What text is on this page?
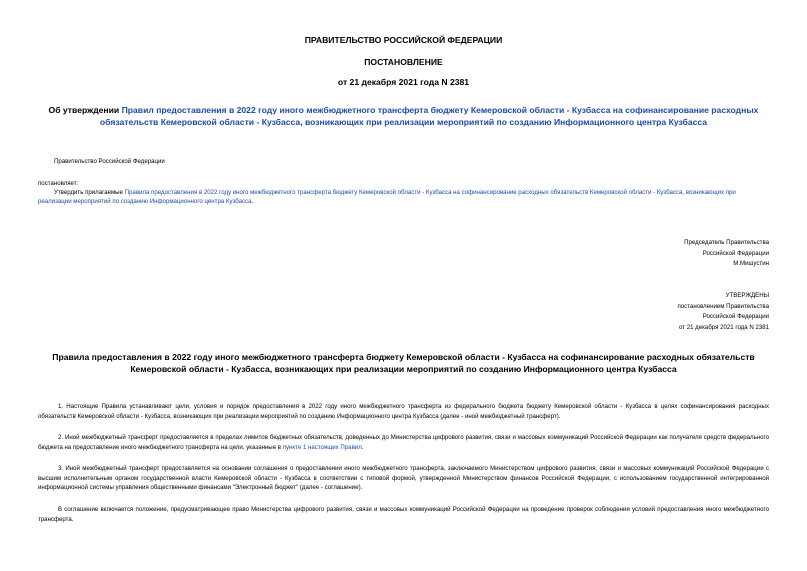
ПРАВИТЕЛЬСТВО РОССИЙСКОЙ ФЕДЕРАЦИИ
ПОСТАНОВЛЕНИЕ
от 21 декабря 2021 года N 2381
Об утверждении Правил предоставления в 2022 году иного межбюджетного трансферта бюджету Кемеровской области - Кузбасса на софинансирование расходных обязательств Кемеровской области - Кузбасса, возникающих при реализации мероприятий по созданию Информационного центра Кузбасса
Правительство Российской Федерации
постановляет:
Утвердить прилагаемые Правила предоставления в 2022 году иного межбюджетного трансферта бюджету Кемеровской области - Кузбасса на софинансирование расходных обязательств Кемеровской области - Кузбасса, возникающих при реализации мероприятий по созданию Информационного центра Кузбасса.
Председатель Правительства
Российской Федерации
М.Мишустин
УТВЕРЖДЕНЫ
постановлением Правительства
Российской Федерации
от 21 декабря 2021 года N 2381
Правила предоставления в 2022 году иного межбюджетного трансферта бюджету Кемеровской области - Кузбасса на софинансирование расходных обязательств Кемеровской области - Кузбасса, возникающих при реализации мероприятий по созданию Информационного центра Кузбасса
1. Настоящие Правила устанавливают цели, условия и порядок предоставления в 2022 году иного межбюджетного трансферта из федерального бюджета бюджету Кемеровской области - Кузбасса в целях софинансирования расходных обязательств Кемеровской области - Кузбасса, возникающих при реализации мероприятий по созданию Информационного центра Кузбасса (далее - иной межбюджетный трансферт).
2. Иной межбюджетный трансферт предоставляется в пределах лимитов бюджетных обязательств, доведенных до Министерства цифрового развития, связи и массовых коммуникаций Российской Федерации как получателя средств федерального бюджета на предоставление иного межбюджетного трансферта на цели, указанные в пункте 1 настоящих Правил.
3. Иной межбюджетный трансферт предоставляется на основании соглашения о предоставлении иного межбюджетного трансферта, заключаемого Министерством цифрового развития, связи и массовых коммуникаций Российской Федерации с высшим исполнительным органом государственной власти Кемеровской области - Кузбасса в соответствии с типовой формой, утвержденной Министерством финансов Российской Федерации, с использованием государственной интегрированной информационной системы управления общественными финансами "Электронный бюджет" (далее - соглашение).
В соглашение включается положение, предусматривающее право Министерства цифрового развития, связи и массовых коммуникаций Российской Федерации на проведение проверок соблюдения условий предоставления иного межбюджетного трансферта.
